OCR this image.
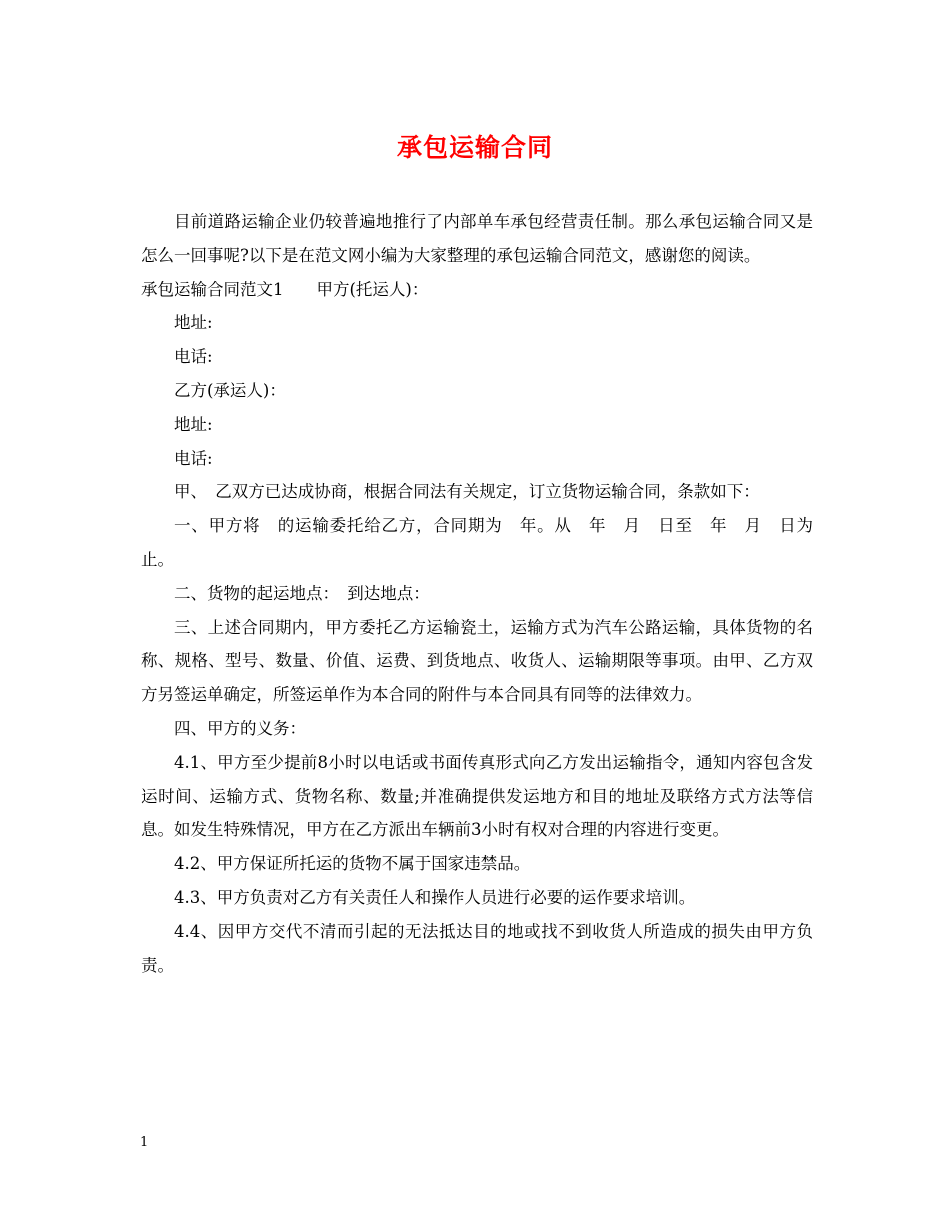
承包运输合同

目前道路运输企业仍较普遍地推行了内部单车承包经营责任制。那么承包运输合同又是怎么一回事呢?以下是在范文网小编为大家整理的承包运输合同范文，感谢您的阅读。

承包运输合同范文1　　甲方(托运人)：

地址:

电话:

乙方(承运人)：

地址:

电话:

甲、　乙双方已达成协商，根据合同法有关规定，订立货物运输合同，条款如下：

一、甲方将　的运输委托给乙方，合同期为　年。从　年　月　日至　年　月　日为止。

二、货物的起运地点：　到达地点：

三、上述合同期内，甲方委托乙方运输瓷土，运输方式为汽车公路运输，具体货物的名称、规格、型号、数量、价值、运费、到货地点、收货人、运输期限等事项。由甲、乙方双方另签运单确定，所签运单作为本合同的附件与本合同具有同等的法律效力。

四、甲方的义务：

4.1、甲方至少提前8小时以电话或书面传真形式向乙方发出运输指令，通知内容包含发运时间、运输方式、货物名称、数量;并准确提供发运地方和目的地址及联络方式方法等信息。如发生特殊情况，甲方在乙方派出车辆前3小时有权对合理的内容进行变更。

4.2、甲方保证所托运的货物不属于国家违禁品。

4.3、甲方负责对乙方有关责任人和操作人员进行必要的运作要求培训。

4.4、因甲方交代不清而引起的无法抵达目的地或找不到收货人所造成的损失由甲方负责。

1
